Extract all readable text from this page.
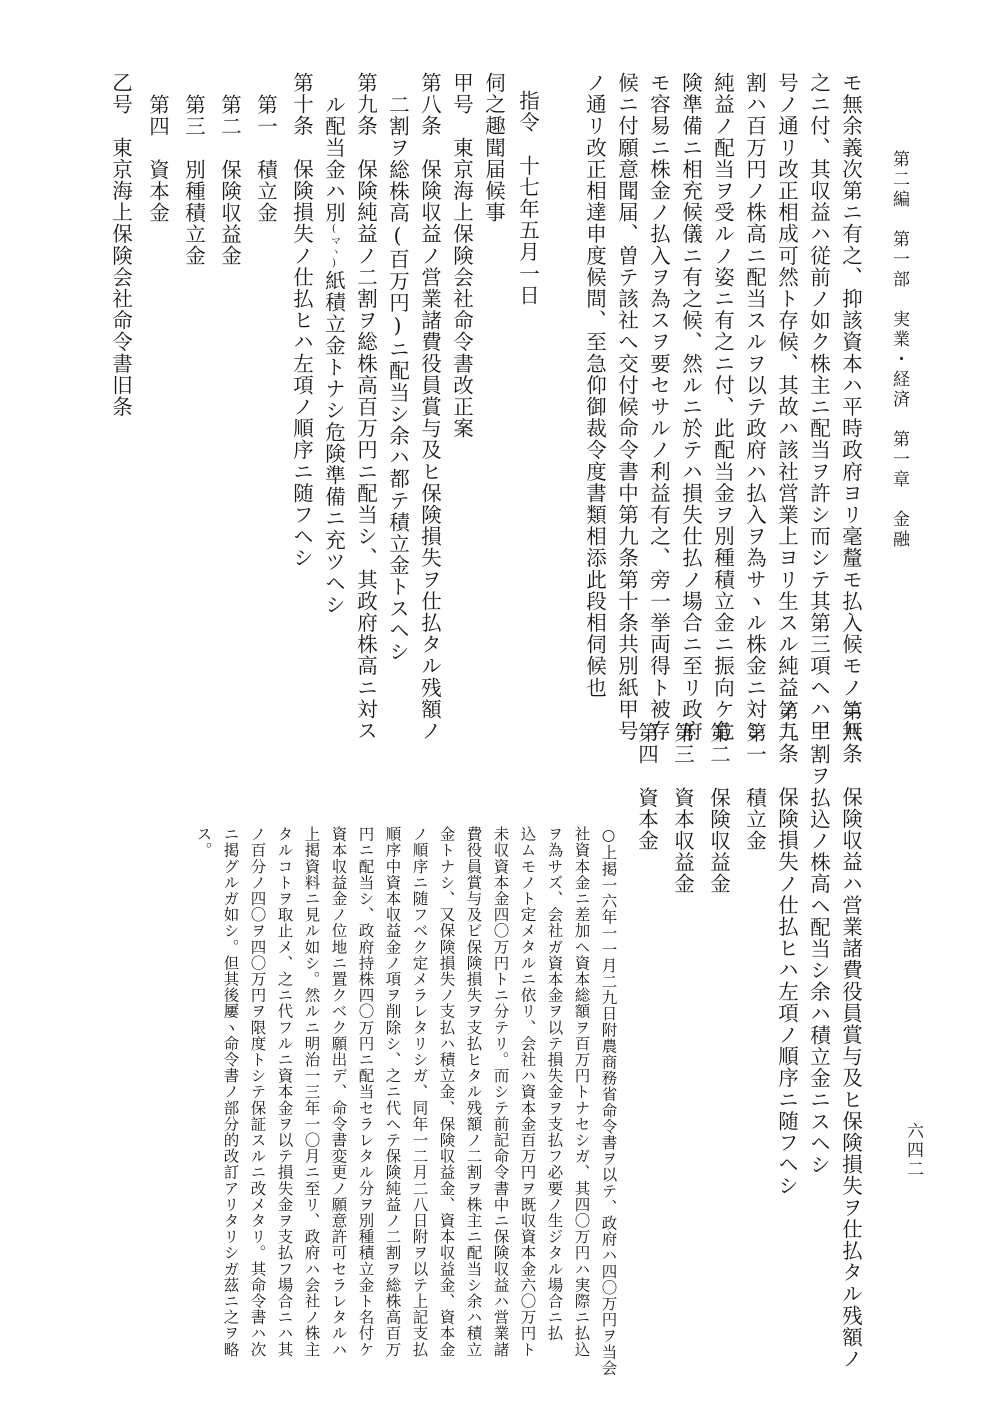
第二編　第一部　実業・経済　第一章　金融
六四二
モ無余義次第ニ有之、抑該資本ハ平時政府ヨリ毫釐モ払入候モノニ無
之ニ付、其収益ハ従前ノ如ク株主ニ配当ヲ許シ而シテ其第三項ヘハ甲
号ノ通リ改正相成可然ト存候、其故ハ該社営業上ヨリ生スル純益ノ二
割ハ百万円ノ株高ニ配当スルヲ以テ政府ハ払入ヲ為サヽル株金ニ対シ
純益ノ配当ヲ受ルノ姿ニ有之ニ付、此配当金ヲ別種積立金ニ振向ケ危
険準備ニ相充候儀ニ有之候、然ルニ於テハ損失仕払ノ場合ニ至リ政府
モ容易ニ株金ノ払入ヲ為スヲ要セサルノ利益有之、旁一挙両得ト被存
候ニ付願意聞届、曽テ該社へ交付候命令書中第九条第十条共別紙甲号
ノ通リ改正相達申度候間、至急仰御裁令度書類相添此段相伺候也
指令　十七年五月一日
伺之趣聞届候事
甲号　東京海上保険会社命令書改正案
第八条　保険収益ノ営業諸費役員賞与及ヒ保険損失ヲ仕払タル残額ノ
二割ヲ総株高(百万円)ニ配当シ余ハ都テ積立金トスヘシ
第九条　保険純益ノ二割ヲ総株高百万円ニ配当シ、其政府株高ニ対ス
ル配当金ハ別(マヽ)紙積立金トナシ危険準備ニ充ツヘシ
第十条　保険損失ノ仕払ヒハ左項ノ順序ニ随フヘシ
第一　積立金
第二　保険収益金
第三　別種積立金
第四　資本金
乙号　東京海上保険会社命令書旧条
第八条　保険収益ハ営業諸費役員賞与及ヒ保険損失ヲ仕払タル残額ノ
二割ヲ払込ノ株高ヘ配当シ余ハ積立金ニスヘシ
第九条　保険損失ノ仕払ヒハ左項ノ順序ニ随フヘシ
第一　積立金
第二　保険収益金
第三　資本収益金
第四　資本金
○上掲一六年一一月二九日附農商務省命令書ヲ以テ、政府ハ四〇万円ヲ当会
社資本金ニ差加ヘ資本総額ヲ百万円トナセシガ、其四〇万円ハ実際ニ払込
ヲ為サズ、会社ガ資本金ヲ以テ損失金ヲ支払フ必要ノ生ジタル場合ニ払
込ムモノト定メタルニ依リ、会社ハ資本金百万円ヲ既収資本金六〇万円ト
未収資本金四〇万円トニ分テリ。而シテ前記命令書中ニ保険収益ハ営業諸
費役員賞与及ビ保険損失ヲ支払ヒタル残額ノ二割ヲ株主ニ配当シ余ハ積立
金トナシ、又保険損失ノ支払ハ積立金、保険収益金、資本収益金、資本金
ノ順序ニ随フベク定メラレタリシガ、同年一二月二八日附ヲ以テ上記支払
順序中資本収益金ノ項ヲ削除シ、之ニ代ヘテ保険純益ノ二割ヲ総株高百万
円ニ配当シ、政府持株四〇万円ニ配当セラレタル分ヲ別種積立金ト名付ケ
資本収益金ノ位地ニ置クベク願出デ、命令書変更ノ願意許可セラレタルハ
上掲資料ニ見ル如シ。然ルニ明治一三年一〇月ニ至リ、政府ハ会社ノ株主
タルコトヲ取止メ、之ニ代フルニ資本金ヲ以テ損失金ヲ支払フ場合ニハ其
ノ百分ノ四〇ヲ四〇万円ヲ限度トシテ保証スルニ改メタリ。其命令書ハ次
ニ掲グルガ如シ。但其後屢ヽ命令書ノ部分的改訂アリタリシガ茲ニ之ヲ略
ス。
